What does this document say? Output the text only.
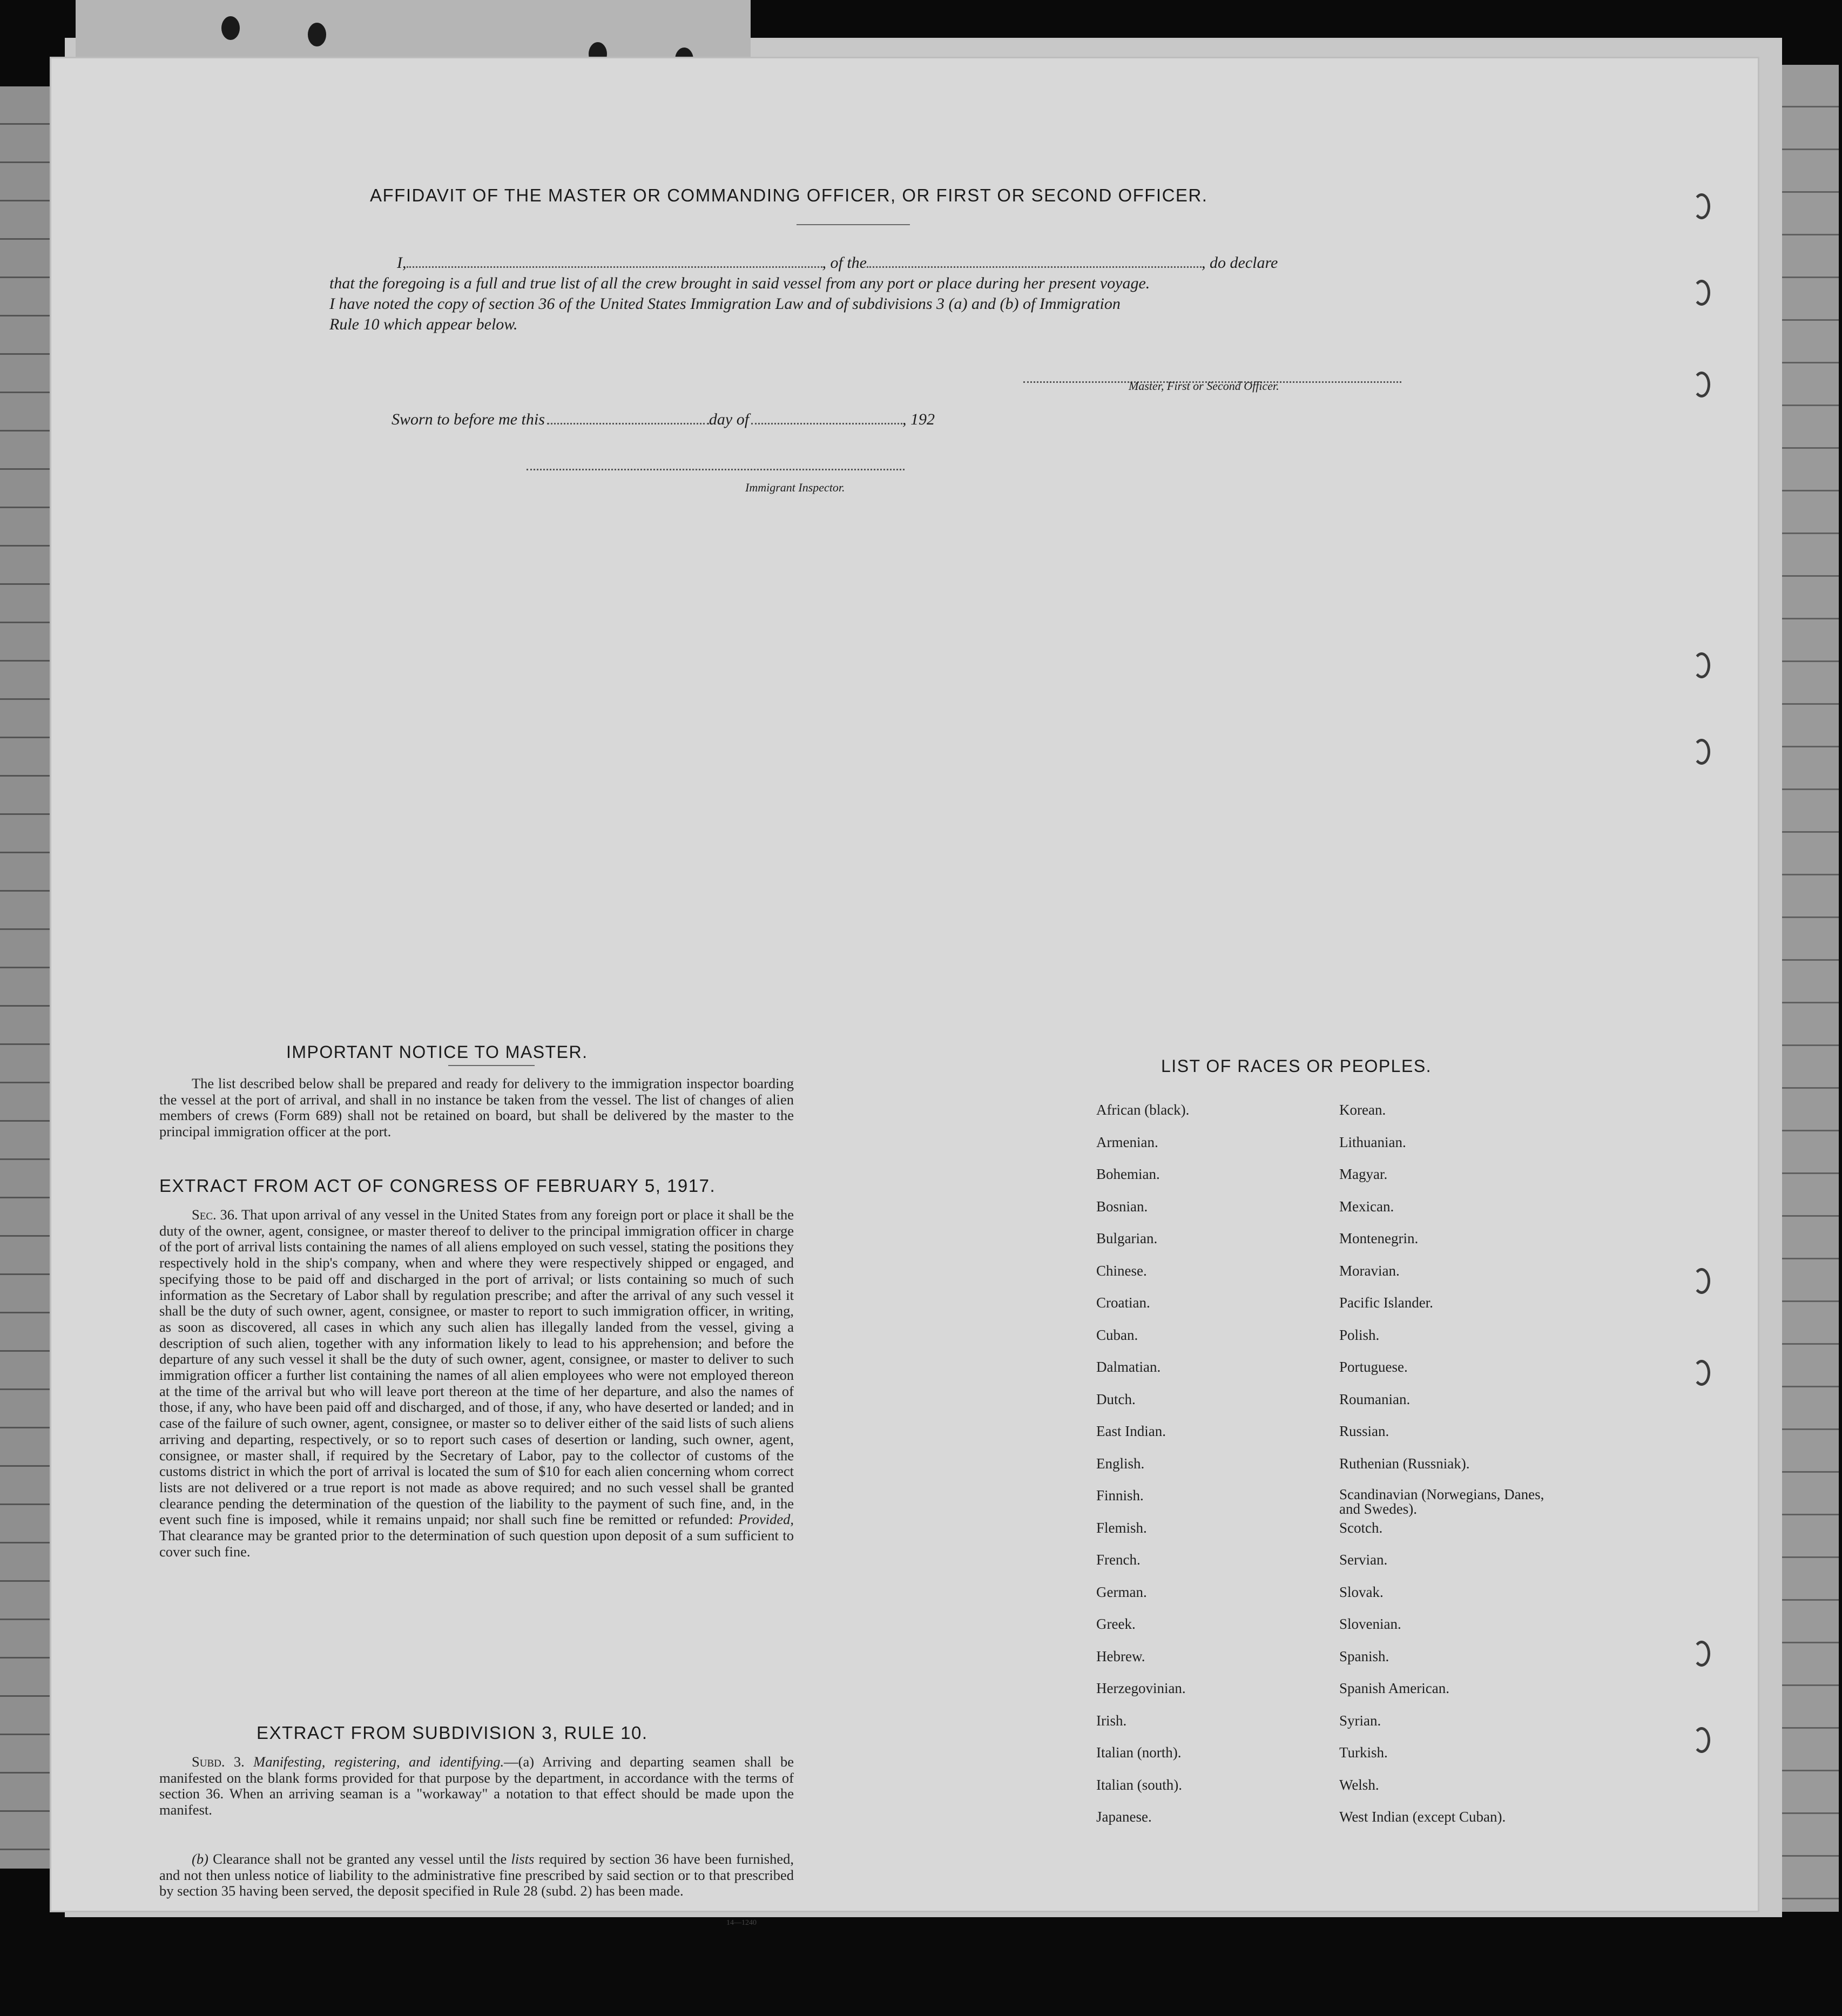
AFFIDAVIT OF THE MASTER OR COMMANDING OFFICER, OR FIRST OR SECOND OFFICER.
I,	, of the	, do declare
that the foregoing is a full and true list of all the crew brought in said vessel from any port or place during her present voyage.
I have noted the copy of section 36 of the United States Immigration Law and of subdivisions 3 (a) and (b) of Immigration
Rule 10 which appear below.
Master, First or Second Officer.
Sworn to before me this	day of	, 192
Immigrant Inspector.
IMPORTANT NOTICE TO MASTER.
The list described below shall be prepared and ready for delivery to the immigration inspector boarding the vessel at the port of arrival, and shall in no instance be taken from the vessel. The list of changes of alien members of crews (Form 689) shall not be retained on board, but shall be delivered by the master to the principal immigration officer at the port.
EXTRACT FROM ACT OF CONGRESS OF FEBRUARY 5, 1917.
Sec. 36. That upon arrival of any vessel in the United States from any foreign port or place it shall be the duty of the owner, agent, consignee, or master thereof to deliver to the principal immigration officer in charge of the port of arrival lists containing the names of all aliens employed on such vessel, stating the positions they respectively hold in the ship's company, when and where they were respectively shipped or engaged, and specifying those to be paid off and discharged in the port of arrival; or lists containing so much of such information as the Secretary of Labor shall by regulation prescribe; and after the arrival of any such vessel it shall be the duty of such owner, agent, consignee, or master to report to such immigration officer, in writing, as soon as discovered, all cases in which any such alien has illegally landed from the vessel, giving a description of such alien, together with any information likely to lead to his apprehension; and before the departure of any such vessel it shall be the duty of such owner, agent, consignee, or master to deliver to such immigration officer a further list containing the names of all alien employees who were not employed thereon at the time of the arrival but who will leave port thereon at the time of her departure, and also the names of those, if any, who have been paid off and discharged, and of those, if any, who have deserted or landed; and in case of the failure of such owner, agent, consignee, or master so to deliver either of the said lists of such aliens arriving and departing, respectively, or so to report such cases of desertion or landing, such owner, agent, consignee, or master shall, if required by the Secretary of Labor, pay to the collector of customs of the customs district in which the port of arrival is located the sum of $10 for each alien concerning whom correct lists are not delivered or a true report is not made as above required; and no such vessel shall be granted clearance pending the determination of the question of the liability to the payment of such fine, and, in the event such fine is imposed, while it remains unpaid; nor shall such fine be remitted or refunded: Provided, That clearance may be granted prior to the determination of such question upon deposit of a sum sufficient to cover such fine.
EXTRACT FROM SUBDIVISION 3, RULE 10.
Subd. 3. Manifesting, registering, and identifying.—(a) Arriving and departing seamen shall be manifested on the blank forms provided for that purpose by the department, in accordance with the terms of section 36. When an arriving seaman is a "workaway" a notation to that effect should be made upon the manifest.
(b) Clearance shall not be granted any vessel until the lists required by section 36 have been furnished, and not then unless notice of liability to the administrative fine prescribed by said section or to that prescribed by section 35 having been served, the deposit specified in Rule 28 (subd. 2) has been made.
14—1240
LIST OF RACES OR PEOPLES.
African (black).
Armenian.
Bohemian.
Bosnian.
Bulgarian.
Chinese.
Croatian.
Cuban.
Dalmatian.
Dutch.
East Indian.
English.
Finnish.
Flemish.
French.
German.
Greek.
Hebrew.
Herzegovinian.
Irish.
Italian (north).
Italian (south).
Japanese.
Korean.
Lithuanian.
Magyar.
Mexican.
Montenegrin.
Moravian.
Pacific Islander.
Polish.
Portuguese.
Roumanian.
Russian.
Ruthenian (Russniak).
Scandinavian (Norwegians, Danes, and Swedes).
Scotch.
Servian.
Slovak.
Slovenian.
Spanish.
Spanish American.
Syrian.
Turkish.
Welsh.
West Indian (except Cuban).
